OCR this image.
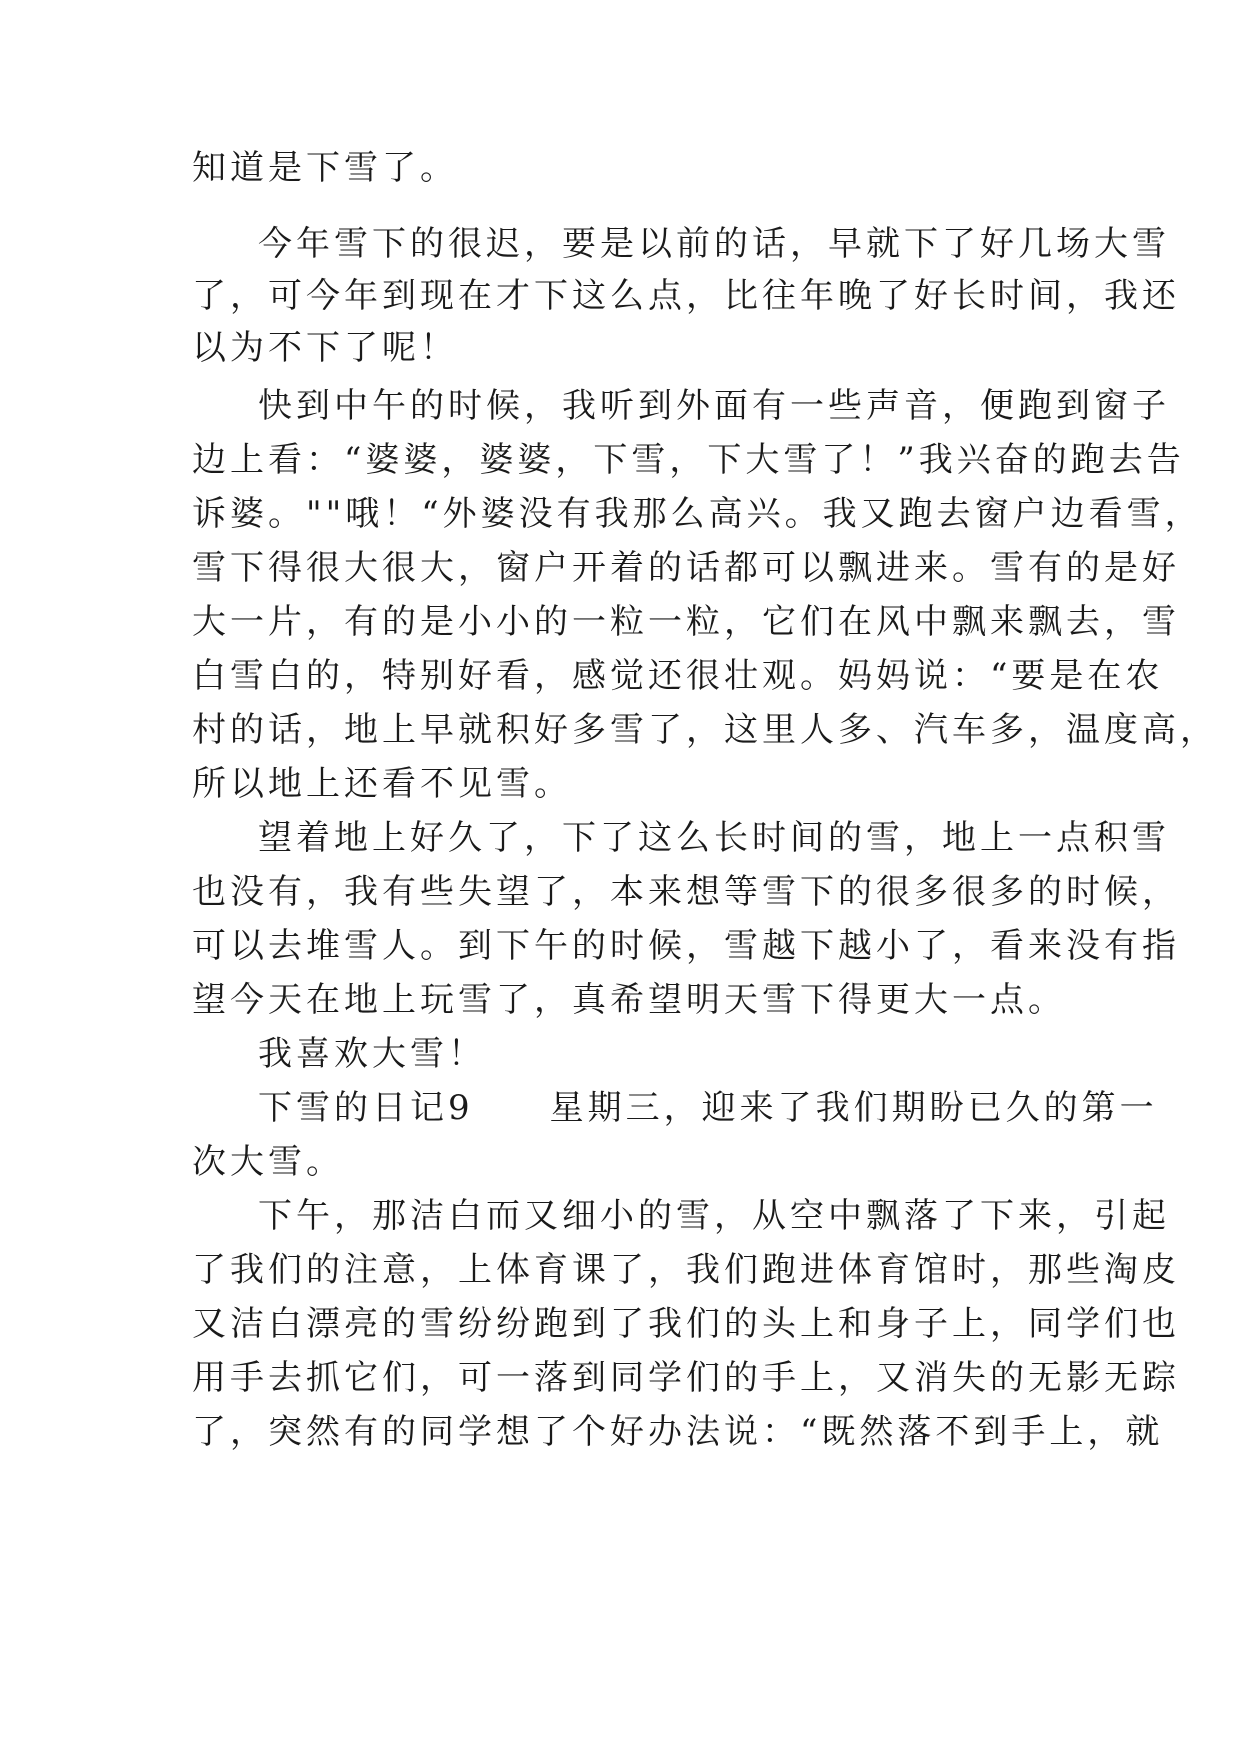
知道是下雪了。
今年雪下的很迟，要是以前的话，早就下了好几场大雪
了，可今年到现在才下这么点，比往年晚了好长时间，我还
以为不下了呢！
快到中午的时候，我听到外面有一些声音，便跑到窗子
边上看：“婆婆，婆婆，下雪，下大雪了！”我兴奋的跑去告
诉婆。""哦！“外婆没有我那么高兴。我又跑去窗户边看雪，
雪下得很大很大，窗户开着的话都可以飘进来。雪有的是好
大一片，有的是小小的一粒一粒，它们在风中飘来飘去，雪
白雪白的，特别好看，感觉还很壮观。妈妈说：“要是在农
村的话，地上早就积好多雪了，这里人多、汽车多，温度高，
所以地上还看不见雪。
望着地上好久了，下了这么长时间的雪，地上一点积雪
也没有，我有些失望了，本来想等雪下的很多很多的时候，
可以去堆雪人。到下午的时候，雪越下越小了，看来没有指
望今天在地上玩雪了，真希望明天雪下得更大一点。
我喜欢大雪！
下雪的日记9　　星期三，迎来了我们期盼已久的第一
次大雪。
下午，那洁白而又细小的雪，从空中飘落了下来，引起
了我们的注意，上体育课了，我们跑进体育馆时，那些淘皮
又洁白漂亮的雪纷纷跑到了我们的头上和身子上，同学们也
用手去抓它们，可一落到同学们的手上，又消失的无影无踪
了，突然有的同学想了个好办法说：“既然落不到手上，就
